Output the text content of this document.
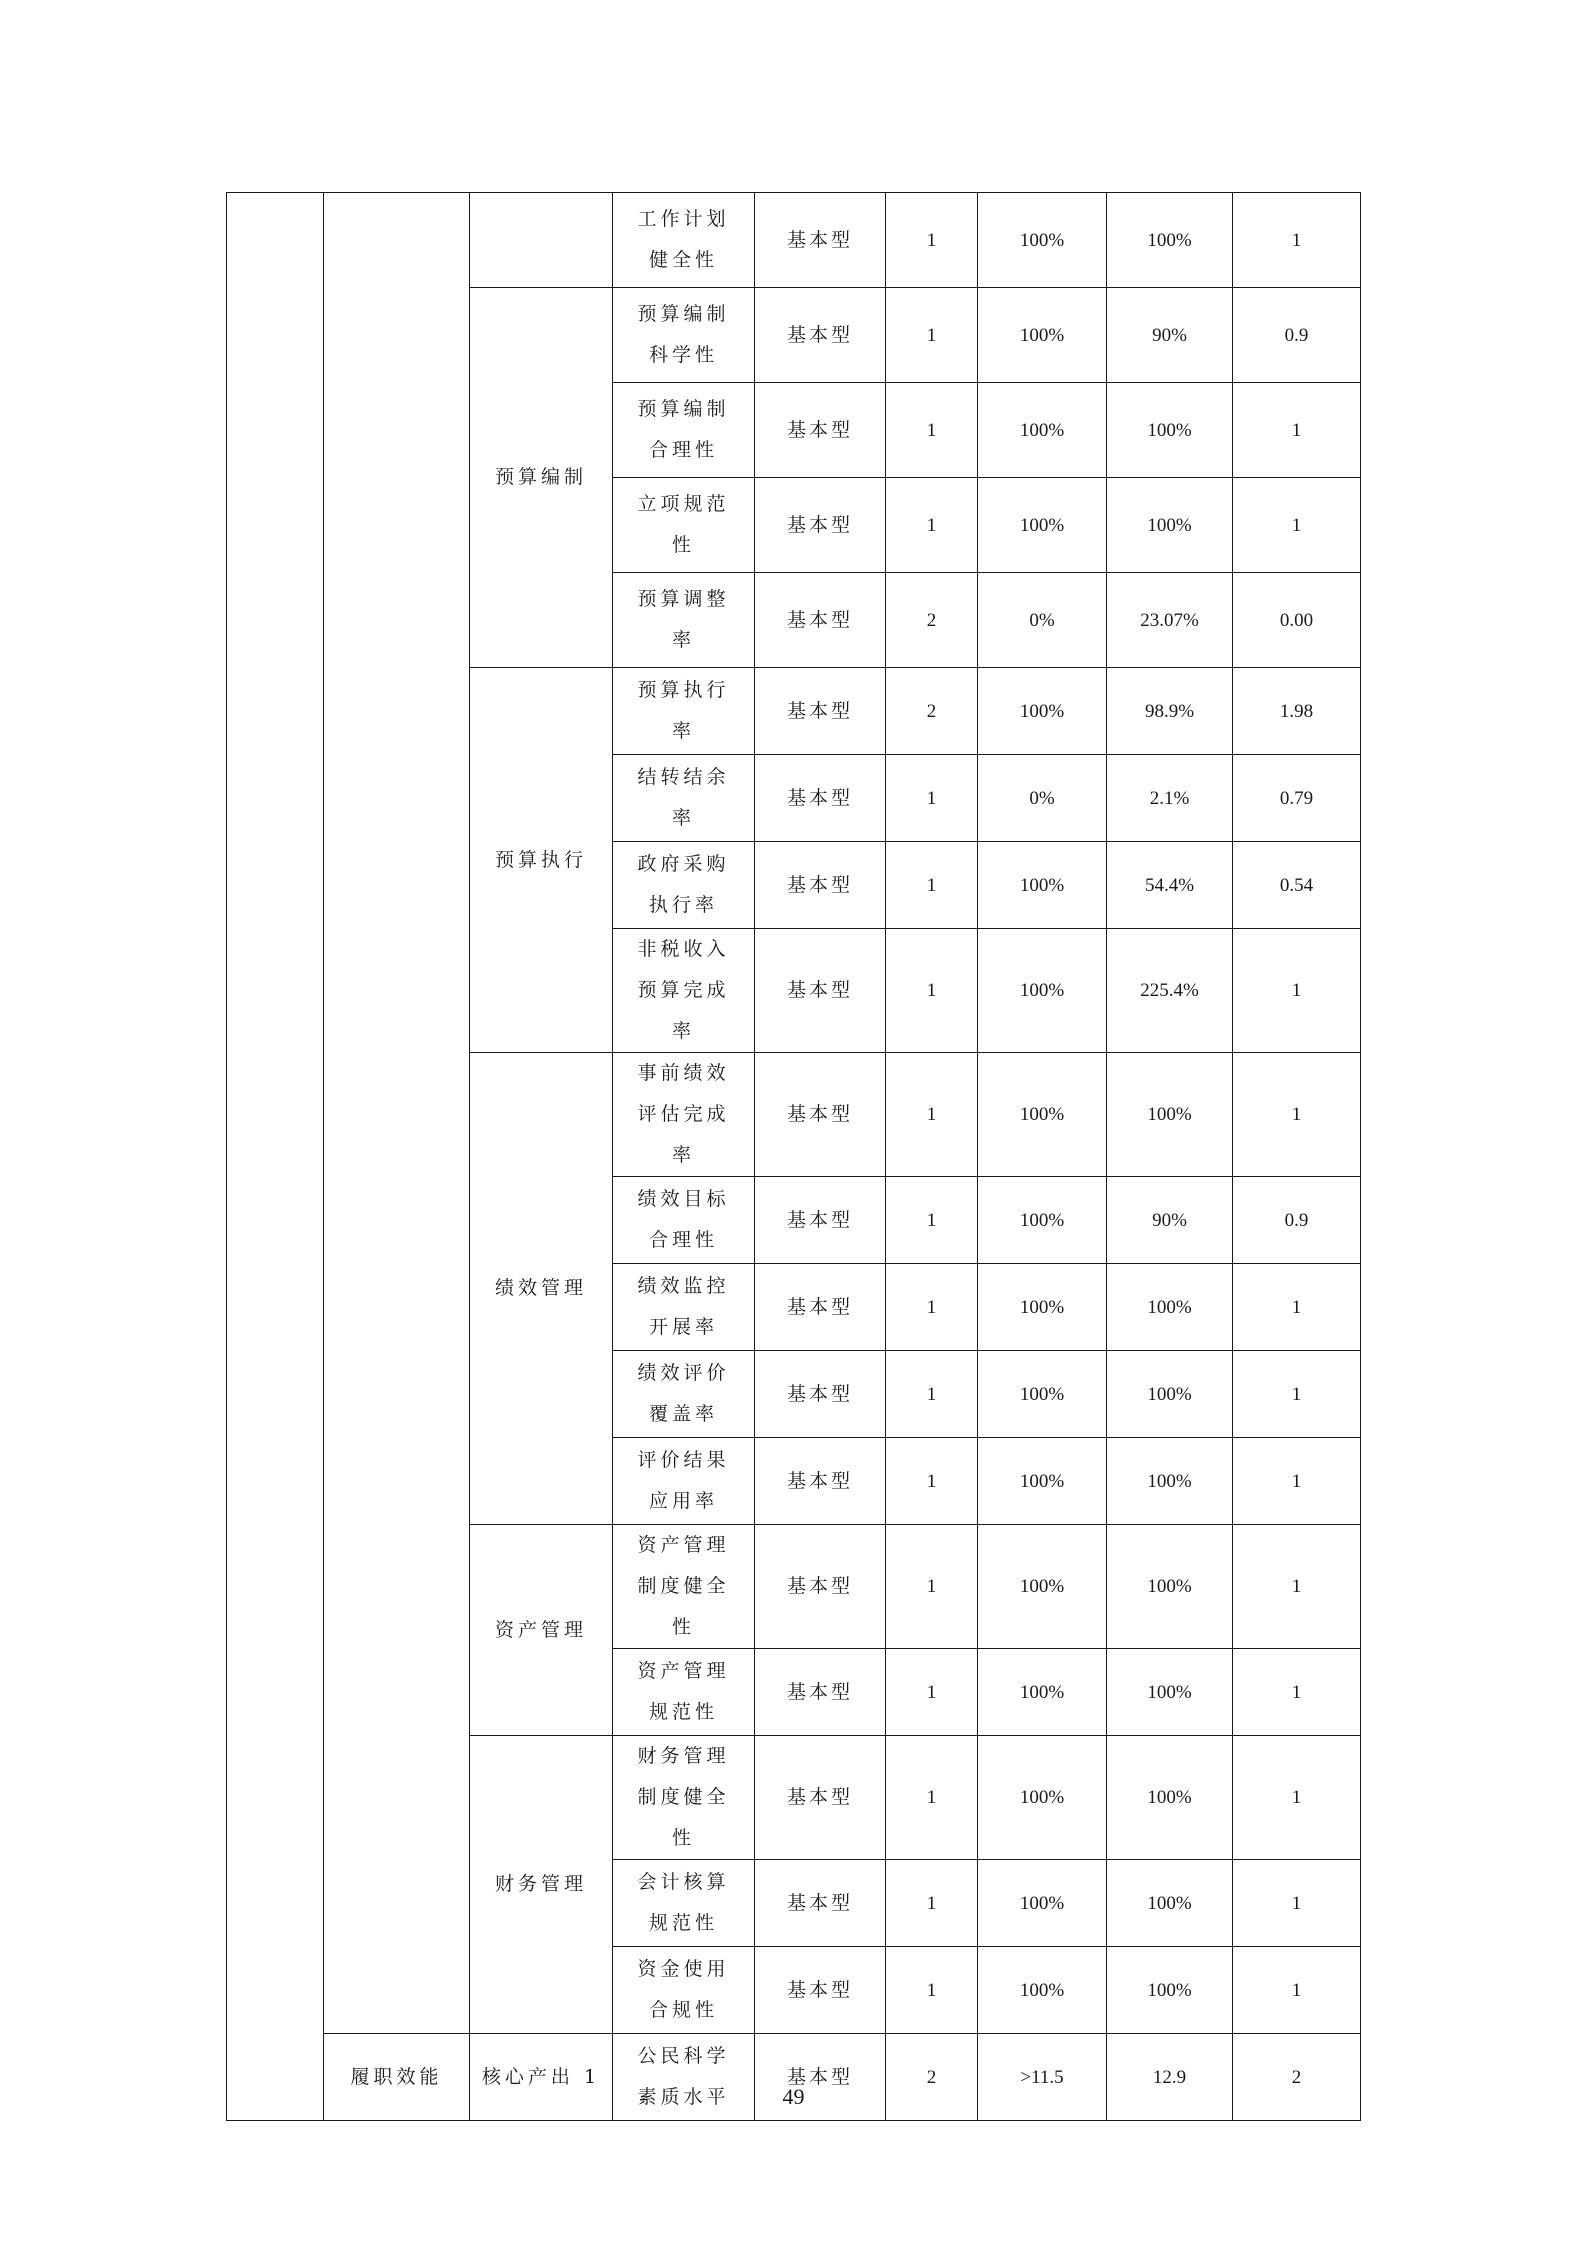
			工作计划健全性	基本型	1	100%	100%	1
		预算编制	预算编制科学性	基本型	1	100%	90%	0.9
			预算编制合理性	基本型	1	100%	100%	1
			立项规范性	基本型	1	100%	100%	1
			预算调整率	基本型	2	0%	23.07%	0.00
		预算执行	预算执行率	基本型	2	100%	98.9%	1.98
			结转结余率	基本型	1	0%	2.1%	0.79
			政府采购执行率	基本型	1	100%	54.4%	0.54
			非税收入预算完成率	基本型	1	100%	225.4%	1
		绩效管理	事前绩效评估完成率	基本型	1	100%	100%	1
			绩效目标合理性	基本型	1	100%	90%	0.9
			绩效监控开展率	基本型	1	100%	100%	1
			绩效评价覆盖率	基本型	1	100%	100%	1
			评价结果应用率	基本型	1	100%	100%	1
		资产管理	资产管理制度健全性	基本型	1	100%	100%	1
			资产管理规范性	基本型	1	100%	100%	1
		财务管理	财务管理制度健全性	基本型	1	100%	100%	1
			会计核算规范性	基本型	1	100%	100%	1
			资金使用合规性	基本型	1	100%	100%	1
	履职效能	核心产出 1	公民科学素质水平	基本型	2	>11.5	12.9	2
49
